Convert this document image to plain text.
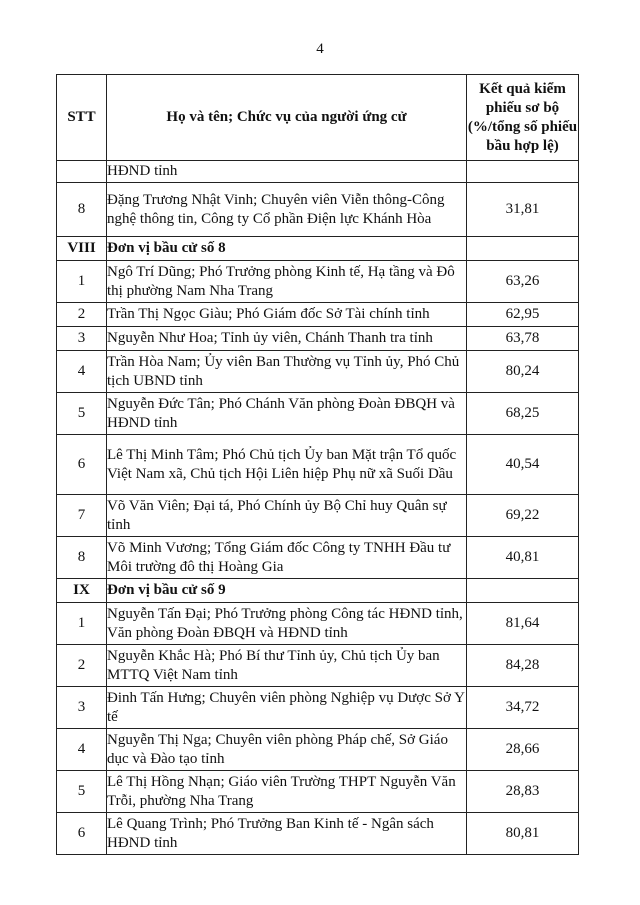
4
STT	Họ và tên; Chức vụ của người ứng cử	Kết quả kiểm phiếu sơ bộ (%/tổng số phiếu bầu hợp lệ)
	HĐND tỉnh	
8	Đặng Trương Nhật Vinh; Chuyên viên Viễn thông-Công nghệ thông tin, Công ty Cổ phần Điện lực Khánh Hòa	31,81
VIII	Đơn vị bầu cử số 8	
1	Ngô Trí Dũng; Phó Trưởng phòng Kinh tế, Hạ tầng và Đô thị phường Nam Nha Trang	63,26
2	Trần Thị Ngọc Giàu; Phó Giám đốc Sở Tài chính tỉnh	62,95
3	Nguyễn Như Hoa; Tỉnh ủy viên, Chánh Thanh tra tỉnh	63,78
4	Trần Hòa Nam; Ủy viên Ban Thường vụ Tỉnh ủy, Phó Chủ tịch UBND tỉnh	80,24
5	Nguyễn Đức Tân; Phó Chánh Văn phòng Đoàn ĐBQH và HĐND tỉnh	68,25
6	Lê Thị Minh Tâm; Phó Chủ tịch Ủy ban Mặt trận Tổ quốc Việt Nam xã, Chủ tịch Hội Liên hiệp Phụ nữ xã Suối Dầu	40,54
7	Võ Văn Viên; Đại tá, Phó Chính ủy Bộ Chỉ huy Quân sự tỉnh	69,22
8	Võ Minh Vương; Tổng Giám đốc Công ty TNHH Đầu tư Môi trường đô thị Hoàng Gia	40,81
IX	Đơn vị bầu cử số 9	
1	Nguyễn Tấn Đại; Phó Trưởng phòng Công tác HĐND tỉnh, Văn phòng Đoàn ĐBQH và HĐND tỉnh	81,64
2	Nguyễn Khắc Hà; Phó Bí thư Tỉnh ủy, Chủ tịch Ủy ban MTTQ Việt Nam tỉnh	84,28
3	Đinh Tấn Hưng; Chuyên viên phòng Nghiệp vụ Dược Sở Y tế	34,72
4	Nguyễn Thị Nga; Chuyên viên phòng Pháp chế, Sở Giáo dục và Đào tạo tỉnh	28,66
5	Lê Thị Hồng Nhạn; Giáo viên Trường THPT Nguyễn Văn Trỗi, phường Nha Trang	28,83
6	Lê Quang Trình; Phó Trưởng Ban Kinh tế - Ngân sách HĐND tỉnh	80,81
